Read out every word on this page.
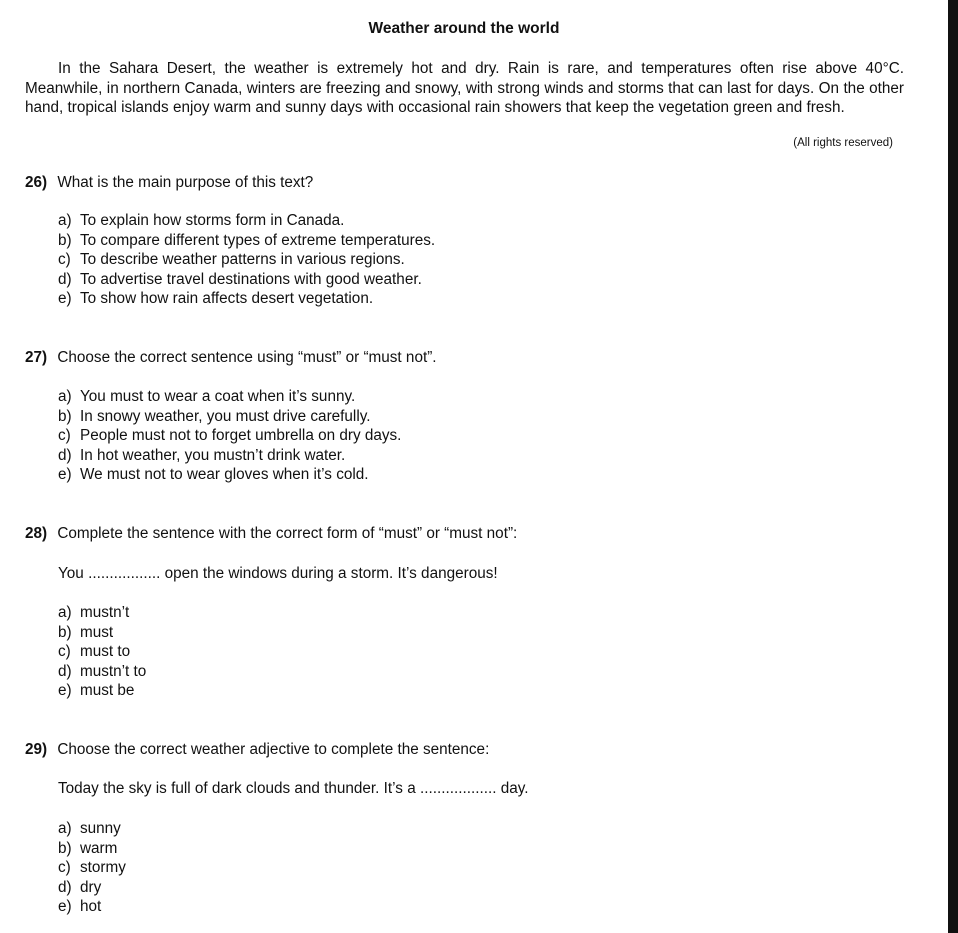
Weather around the world

In the Sahara Desert, the weather is extremely hot and dry. Rain is rare, and temperatures often rise above 40°C. Meanwhile, in northern Canada, winters are freezing and snowy, with strong winds and storms that can last for days. On the other hand, tropical islands enjoy warm and sunny days with occasional rain showers that keep the vegetation green and fresh.

(All rights reserved)
26) What is the main purpose of this text?
a) To explain how storms form in Canada.
b) To compare different types of extreme temperatures.
c) To describe weather patterns in various regions.
d) To advertise travel destinations with good weather.
e) To show how rain affects desert vegetation.
27) Choose the correct sentence using “must” or “must not”.
a) You must to wear a coat when it’s sunny.
b) In snowy weather, you must drive carefully.
c) People must not to forget umbrella on dry days.
d) In hot weather, you mustn’t drink water.
e) We must not to wear gloves when it’s cold.
28) Complete the sentence with the correct form of “must” or “must not”:
You ................. open the windows during a storm. It’s dangerous!
a) mustn’t
b) must
c) must to
d) mustn’t to
e) must be
29) Choose the correct weather adjective to complete the sentence:
Today the sky is full of dark clouds and thunder. It’s a .................. day.
a) sunny
b) warm
c) stormy
d) dry
e) hot
